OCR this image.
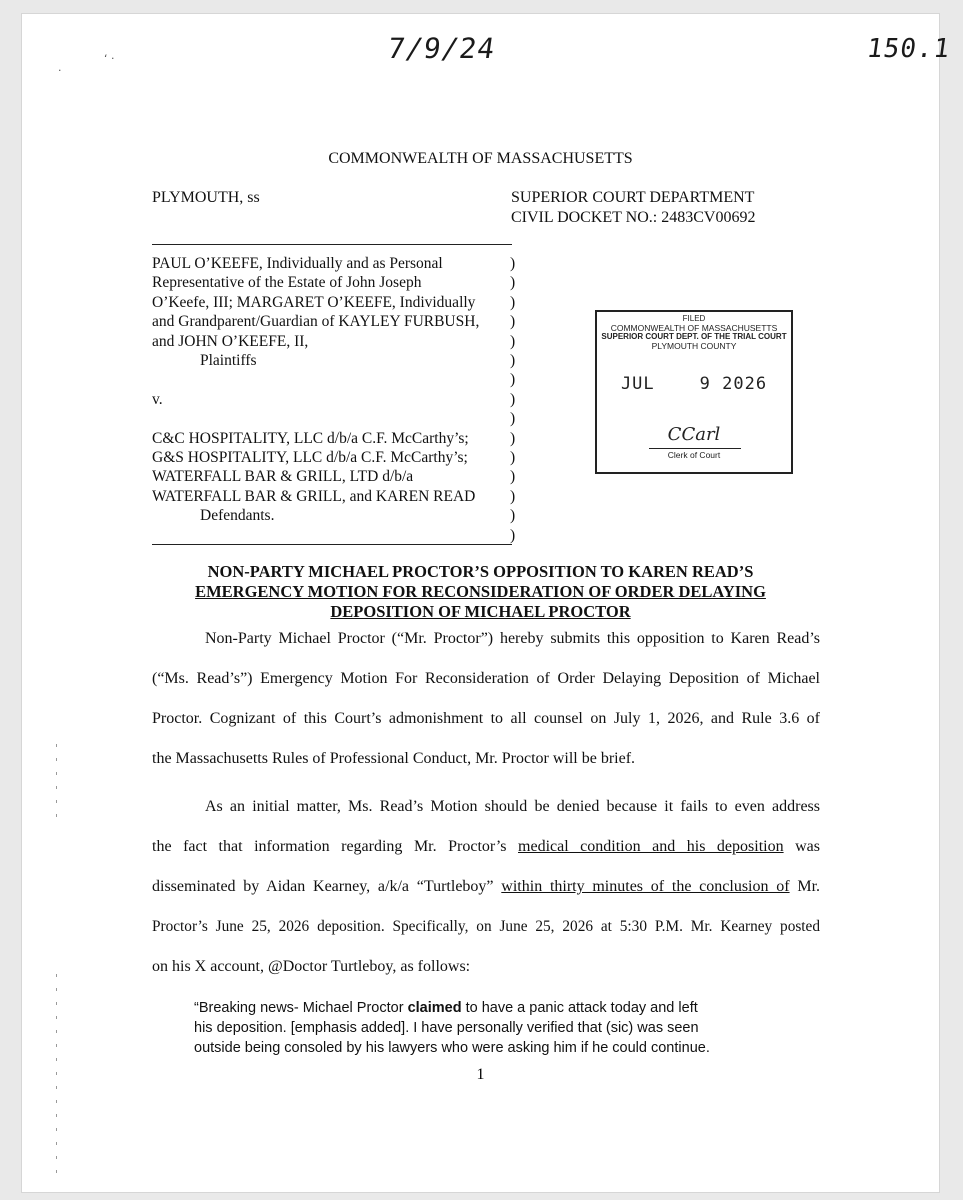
7/9/24	150.1
ʻ ·
·
COMMONWEALTH OF MASSACHUSETTS
PLYMOUTH, ss	SUPERIOR COURT DEPARTMENT
CIVIL DOCKET NO.: 2483CV00692
PAUL O’KEEFE, Individually and as Personal	)
Representative of the Estate of John Joseph	)
O’Keefe, III; MARGARET O’KEEFE, Individually )
and Grandparent/Guardian of KAYLEY FURBUSH, )
and JOHN O’KEEFE, II,	)
Plaintiffs	)
)
v.	)
)
C&C HOSPITALITY, LLC d/b/a C.F. McCarthy’s;	)
G&S HOSPITALITY, LLC d/b/a C.F. McCarthy’s;	)
WATERFALL BAR & GRILL, LTD d/b/a	)
WATERFALL BAR & GRILL, and KAREN READ )
Defendants.	)
)
FILED
COMMONWEALTH OF MASSACHUSETTS
SUPERIOR COURT DEPT. OF THE TRIAL COURT
PLYMOUTH COUNTY
JUL	9 2026
CCarl
Clerk of Court
NON-PARTY MICHAEL PROCTOR’S OPPOSITION TO KAREN READ’S
EMERGENCY MOTION FOR RECONSIDERATION OF ORDER DELAYING
DEPOSITION OF MICHAEL PROCTOR
Non-Party Michael Proctor (“Mr. Proctor”) hereby submits this opposition to Karen Read’s
(“Ms. Read’s”) Emergency Motion For Reconsideration of Order Delaying Deposition of Michael
Proctor. Cognizant of this Court’s admonishment to all counsel on July 1, 2026, and Rule 3.6 of
the Massachusetts Rules of Professional Conduct, Mr. Proctor will be brief.
As an initial matter, Ms. Read’s Motion should be denied because it fails to even address
the fact that information regarding Mr. Proctor’s medical condition and his deposition was
disseminated by Aidan Kearney, a/k/a “Turtleboy” within thirty minutes of the conclusion of Mr.
Proctor’s June 25, 2026 deposition. Specifically, on June 25, 2026 at 5:30 P.M. Mr. Kearney posted
on his X account, @Doctor Turtleboy, as follows:
“Breaking news- Michael Proctor claimed to have a panic attack today and left
his deposition. [emphasis added]. I have personally verified that (sic) was seen
outside being consoled by his lawyers who were asking him if he could continue.
1
